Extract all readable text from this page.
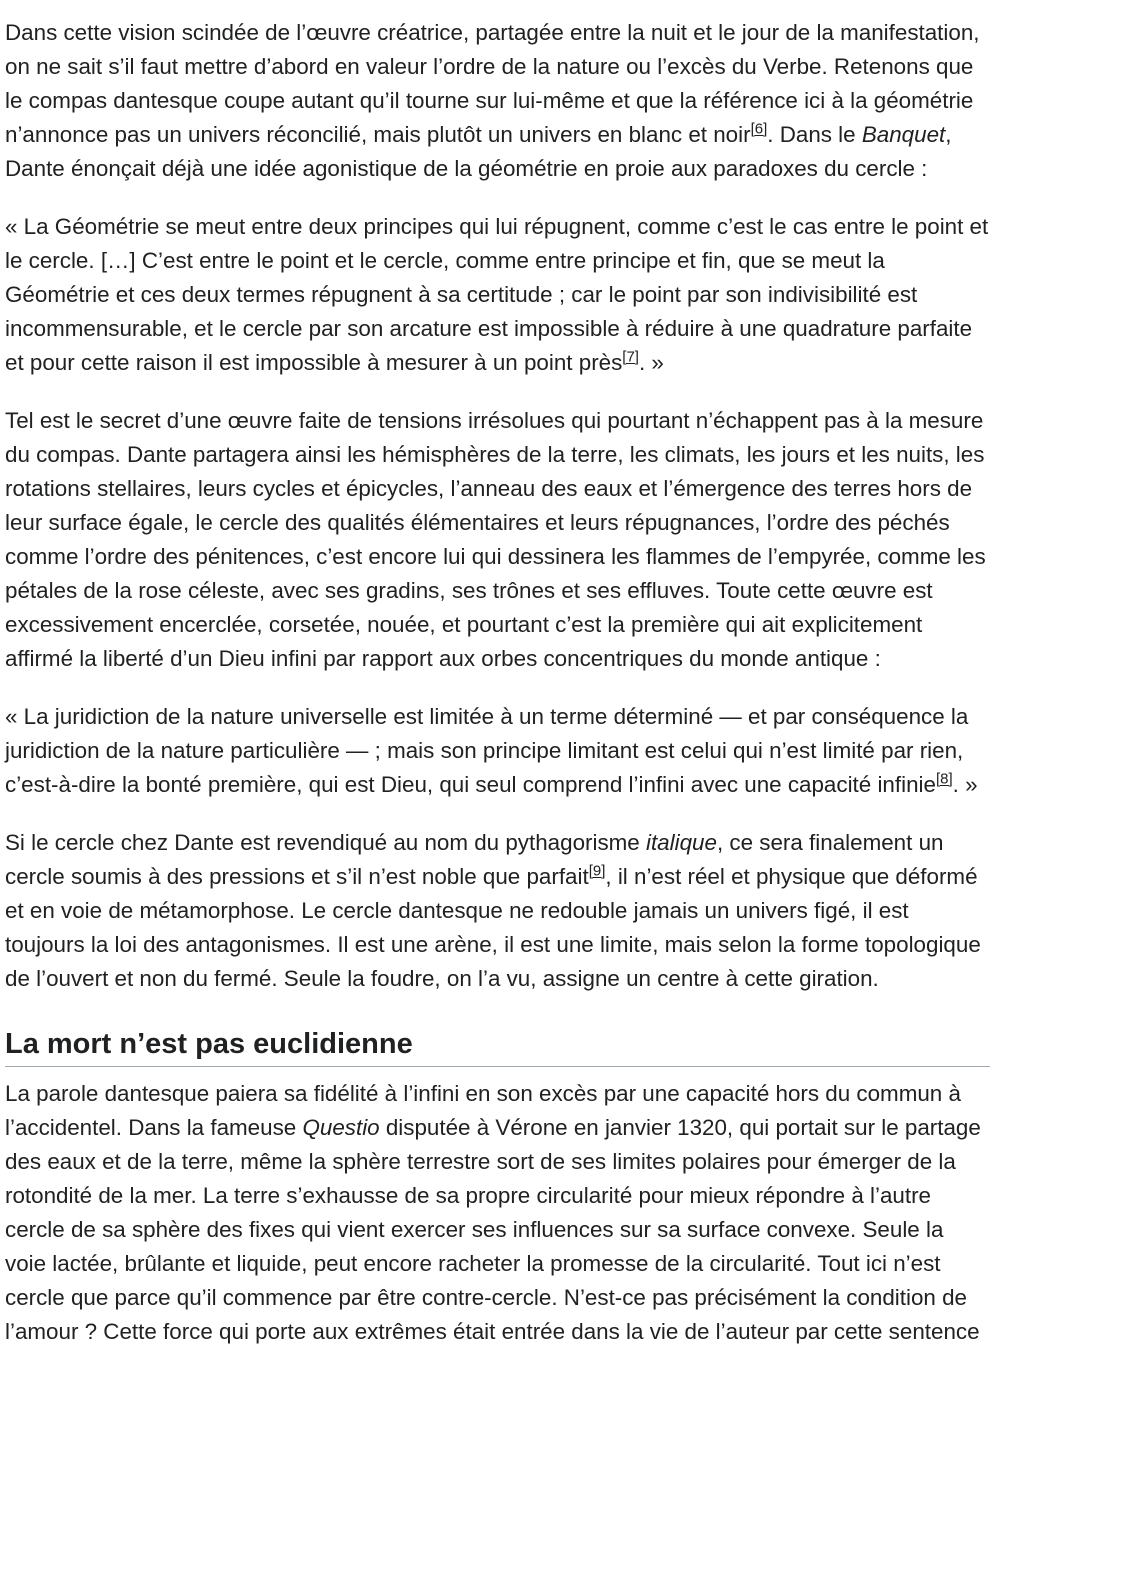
Dans cette vision scindée de l’œuvre créatrice, partagée entre la nuit et le jour de la manifestation, on ne sait s’il faut mettre d’abord en valeur l’ordre de la nature ou l’excès du Verbe. Retenons que le compas dantesque coupe autant qu’il tourne sur lui-même et que la référence ici à la géométrie n’annonce pas un univers réconcilié, mais plutôt un univers en blanc et noir[6]. Dans le Banquet, Dante énonçait déjà une idée agonistique de la géométrie en proie aux paradoxes du cercle :

« La Géométrie se meut entre deux principes qui lui répugnent, comme c’est le cas entre le point et le cercle. […] C’est entre le point et le cercle, comme entre principe et fin, que se meut la Géométrie et ces deux termes répugnent à sa certitude ; car le point par son indivisibilité est incommensurable, et le cercle par son arcature est impossible à réduire à une quadrature parfaite et pour cette raison il est impossible à mesurer à un point près[7]. »

Tel est le secret d’une œuvre faite de tensions irrésolues qui pourtant n’échappent pas à la mesure du compas. Dante partagera ainsi les hémisphères de la terre, les climats, les jours et les nuits, les rotations stellaires, leurs cycles et épicycles, l’anneau des eaux et l’émergence des terres hors de leur surface égale, le cercle des qualités élémentaires et leurs répugnances, l’ordre des péchés comme l’ordre des pénitences, c’est encore lui qui dessinera les flammes de l’empyrée, comme les pétales de la rose céleste, avec ses gradins, ses trônes et ses effluves. Toute cette œuvre est excessivement encerclée, corsetée, nouée, et pourtant c’est la première qui ait explicitement affirmé la liberté d’un Dieu infini par rapport aux orbes concentriques du monde antique :

« La juridiction de la nature universelle est limitée à un terme déterminé — et par conséquence la juridiction de la nature particulière — ; mais son principe limitant est celui qui n’est limité par rien, c’est-à-dire la bonté première, qui est Dieu, qui seul comprend l’infini avec une capacité infinie[8]. »

Si le cercle chez Dante est revendiqué au nom du pythagorisme italique, ce sera finalement un cercle soumis à des pressions et s’il n’est noble que parfait[9], il n’est réel et physique que déformé et en voie de métamorphose. Le cercle dantesque ne redouble jamais un univers figé, il est toujours la loi des antagonismes. Il est une arène, il est une limite, mais selon la forme topologique de l’ouvert et non du fermé. Seule la foudre, on l’a vu, assigne un centre à cette giration.

La mort n’est pas euclidienne

La parole dantesque paiera sa fidélité à l’infini en son excès par une capacité hors du commun à l’accidentel. Dans la fameuse Questio disputée à Vérone en janvier 1320, qui portait sur le partage des eaux et de la terre, même la sphère terrestre sort de ses limites polaires pour émerger de la rotondité de la mer. La terre s’exhausse de sa propre circularité pour mieux répondre à l’autre cercle de sa sphère des fixes qui vient exercer ses influences sur sa surface convexe. Seule la voie lactée, brûlante et liquide, peut encore racheter la promesse de la circularité. Tout ici n’est cercle que parce qu’il commence par être contre-cercle. N’est-ce pas précisément la condition de l’amour ? Cette force qui porte aux extrêmes était entrée dans la vie de l’auteur par cette sentence
